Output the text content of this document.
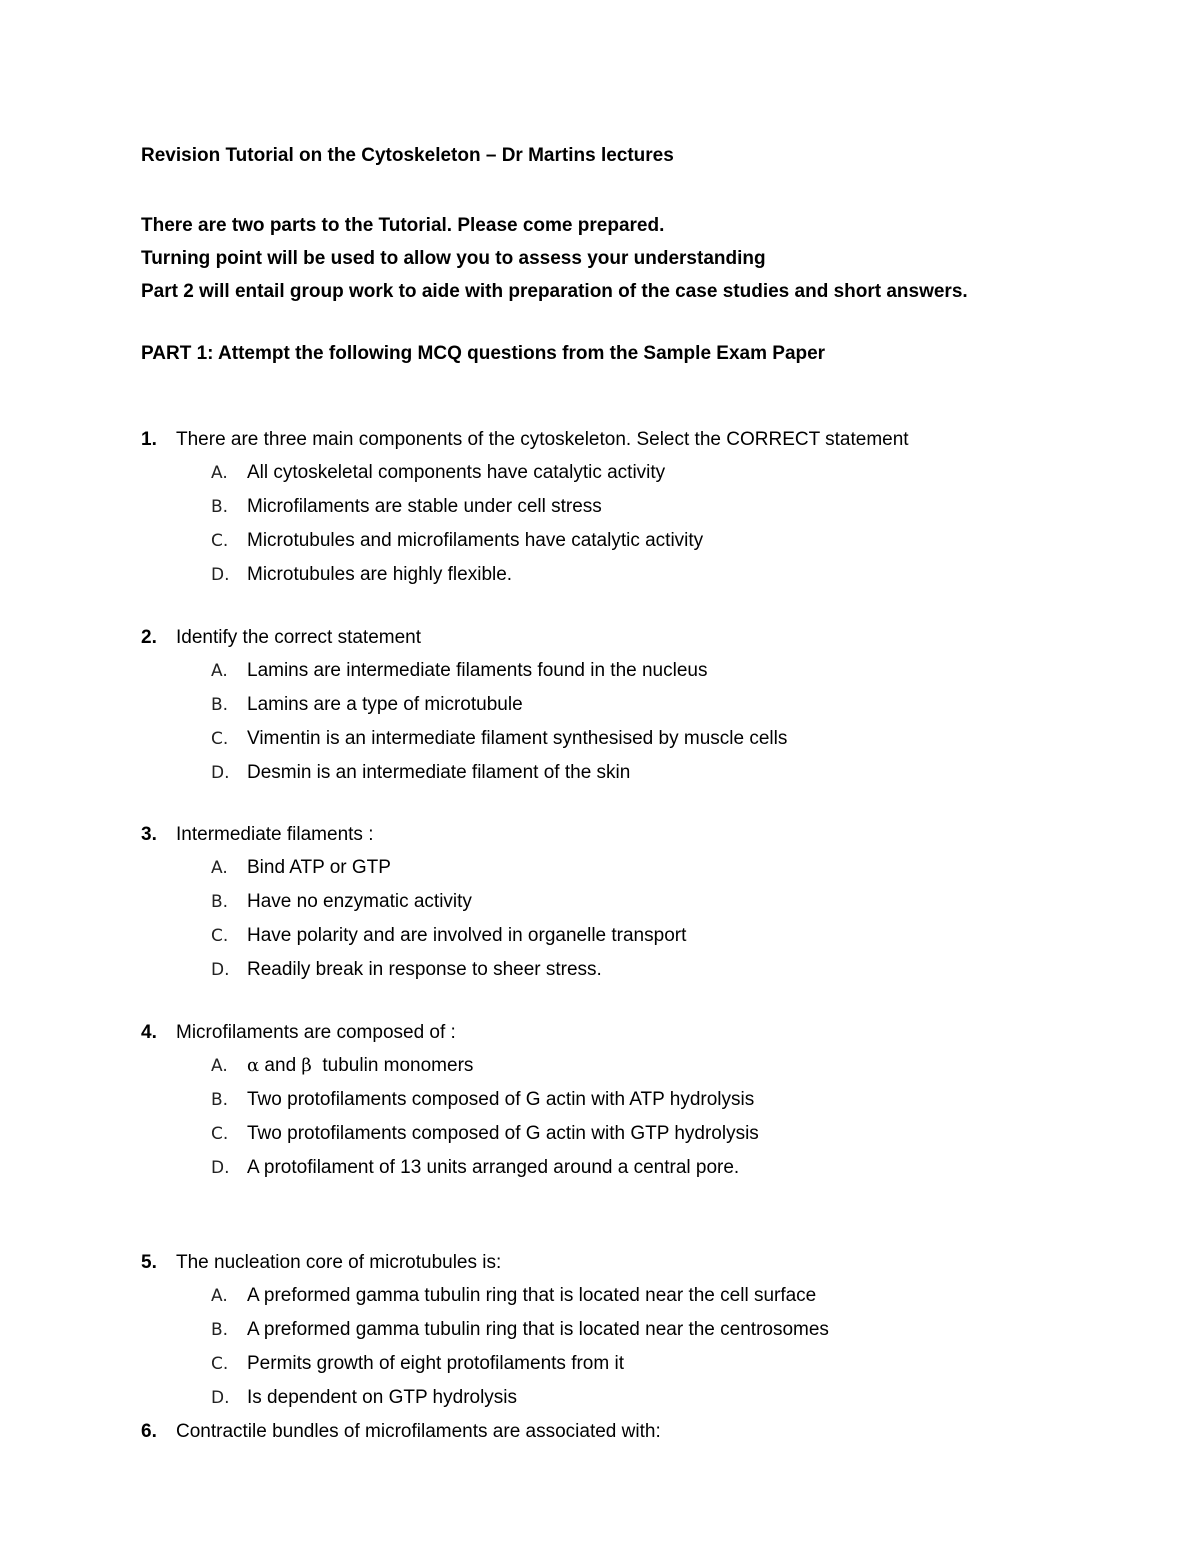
Revision Tutorial on the Cytoskeleton – Dr Martins lectures

There are two parts to the Tutorial. Please come prepared.
Turning point will be used to allow you to assess your understanding
Part 2 will entail group work to aide with preparation of the case studies and short answers.
PART 1: Attempt the following MCQ questions from the Sample Exam Paper
1.	There are three main components of the cytoskeleton. Select the CORRECT statement
A.	All cytoskeletal components have catalytic activity
B. Microfilaments are stable under cell stress
C. Microtubules and microfilaments have catalytic activity
D. Microtubules are highly flexible.
2.	Identify the correct statement
A.	Lamins are intermediate filaments found in the nucleus
B. Lamins are a type of microtubule
C. Vimentin is an intermediate filament synthesised by muscle cells
D. Desmin is an intermediate filament of the skin
3.	Intermediate filaments :
A.	Bind ATP or GTP
B. Have no enzymatic activity
C. Have polarity and are involved in organelle transport
D. Readily break in response to sheer stress.
4.	Microfilaments are composed of :
A.	α and β tubulin monomers
B. Two protofilaments composed of G actin with ATP hydrolysis
C. Two protofilaments composed of G actin with GTP hydrolysis
D. A protofilament of 13 units arranged around a central pore.
5.	The nucleation core of microtubules is:
A.	A preformed gamma tubulin ring that is located near the cell surface
B. A preformed gamma tubulin ring that is located near the centrosomes
C. Permits growth of eight protofilaments from it
D. Is dependent on GTP hydrolysis
6.	Contractile bundles of microfilaments are associated with:
